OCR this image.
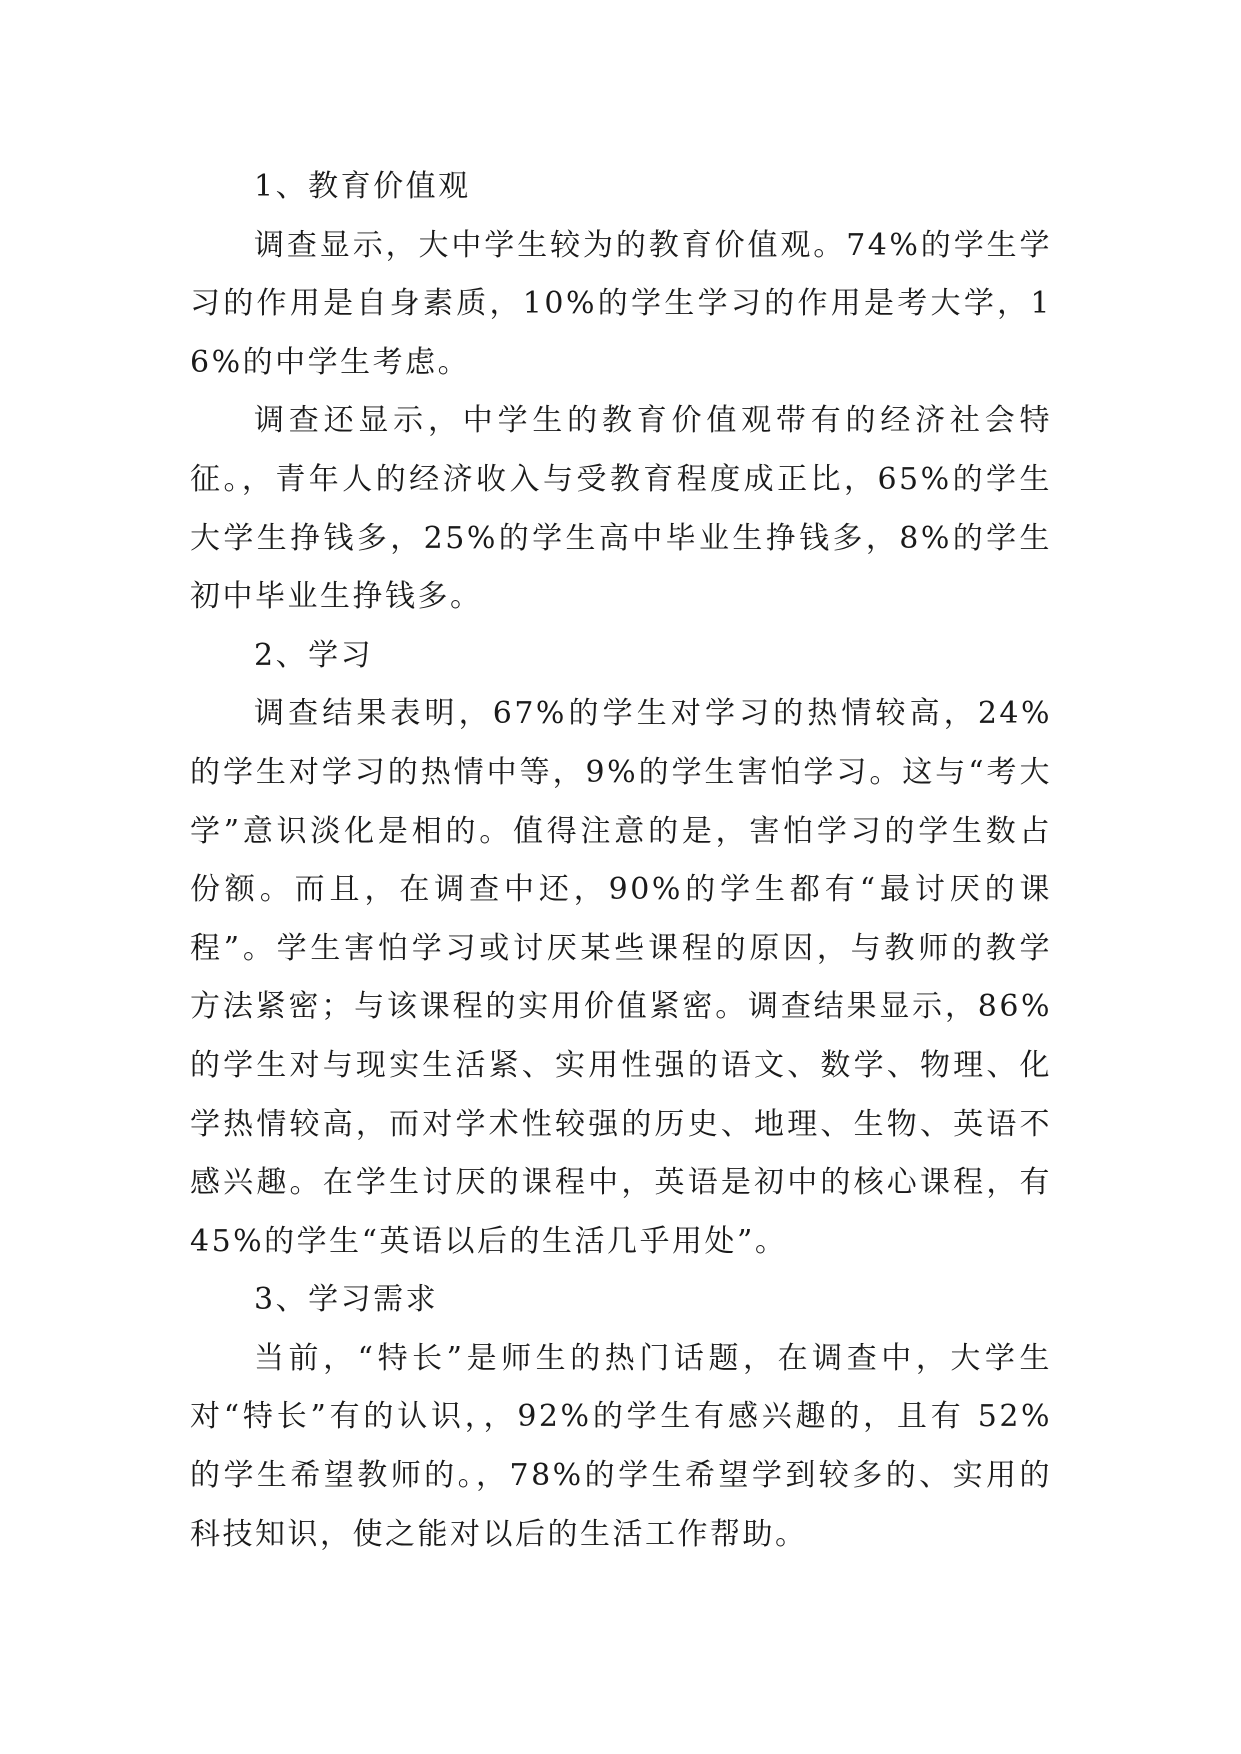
1、教育价值观

调查显示，大中学生较为的教育价值观。74%的学生学习的作用是自身素质，10%的学生学习的作用是考大学，16%的中学生考虑。

调查还显示，中学生的教育价值观带有的经济社会特征。，青年人的经济收入与受教育程度成正比，65%的学生大学生挣钱多，25%的学生高中毕业生挣钱多，8%的学生初中毕业生挣钱多。

2、学习

调查结果表明，67%的学生对学习的热情较高，24%的学生对学习的热情中等，9%的学生害怕学习。这与“考大学”意识淡化是相的。值得注意的是，害怕学习的学生数占份额。而且，在调查中还，90%的学生都有“最讨厌的课程”。学生害怕学习或讨厌某些课程的原因，与教师的教学方法紧密；与该课程的实用价值紧密。调查结果显示，86%的学生对与现实生活紧、实用性强的语文、数学、物理、化学热情较高，而对学术性较强的历史、地理、生物、英语不感兴趣。在学生讨厌的课程中，英语是初中的核心课程，有 45%的学生“英语以后的生活几乎用处”。

3、学习需求

当前，“特长”是师生的热门话题，在调查中，大学生对“特长”有的认识，，92%的学生有感兴趣的，且有 52%的学生希望教师的。，78%的学生希望学到较多的、实用的科技知识，使之能对以后的生活工作帮助。
